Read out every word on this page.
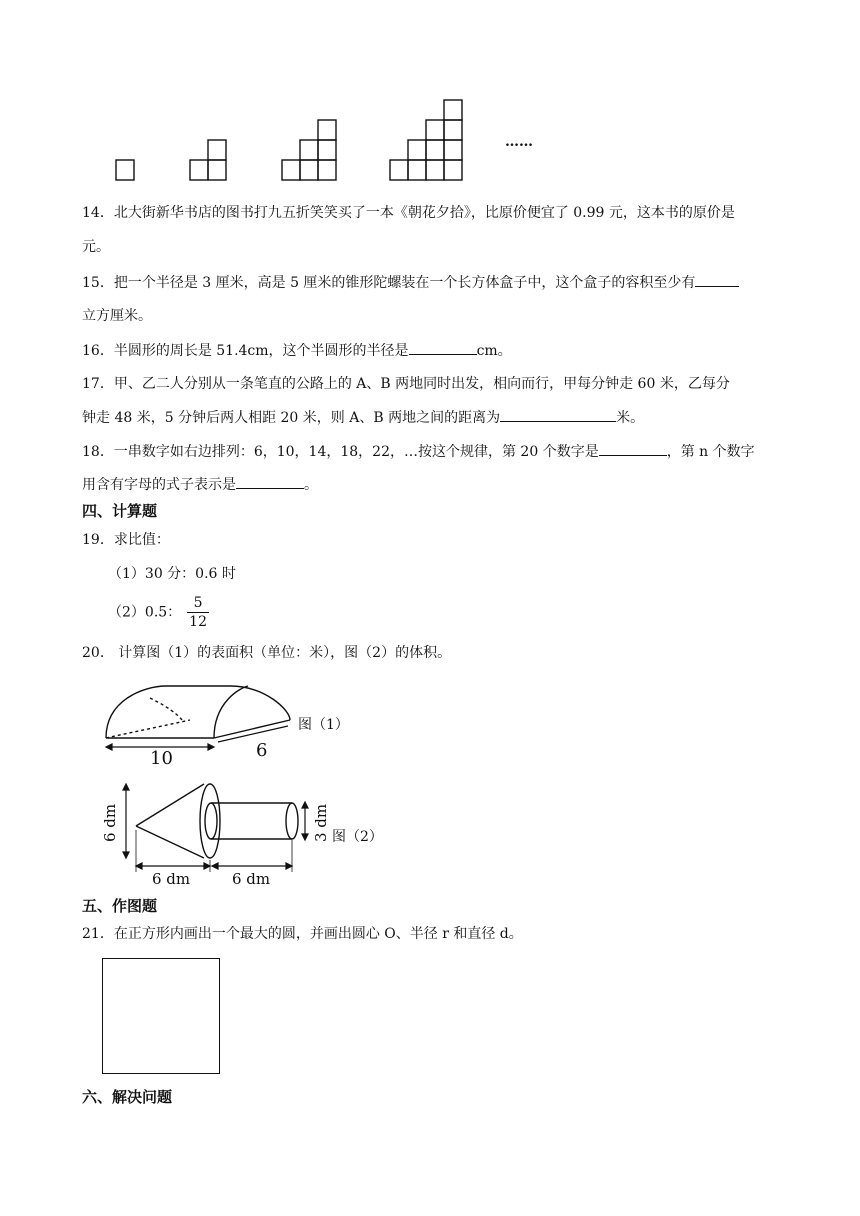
……
14．北大街新华书店的图书打九五折笑笑买了一本《朝花夕拾》，比原价便宜了 0.99 元，这本书的原价是
元。
15．把一个半径是 3 厘米，高是 5 厘米的锥形陀螺装在一个长方体盒子中，这个盒子的容积至少有
立方厘米。
16．半圆形的周长是 51.4cm，这个半圆形的半径是	cm。
17．甲、乙二人分别从一条笔直的公路上的 A、B 两地同时出发，相向而行，甲每分钟走 60 米，乙每分
钟走 48 米，5 分钟后两人相距 20 米，则 A、B 两地之间的距离为	米。
18．一串数字如右边排列：6，10，14，18，22，…按这个规律，第 20 个数字是	，第 n 个数字
用含有字母的式子表示是	。
四、计算题
19．求比值：
（1）30 分：0.6 时
（2）0.5： $\frac{5}{12}$
20． 计算图（1）的表面积（单位：米），图（2）的体积。
10	6
图（1）
6 dm	3 dm 图（2）
6 dm	6 dm
五、作图题
21．在正方形内画出一个最大的圆，并画出圆心 O、半径 r 和直径 d。
六、解决问题
